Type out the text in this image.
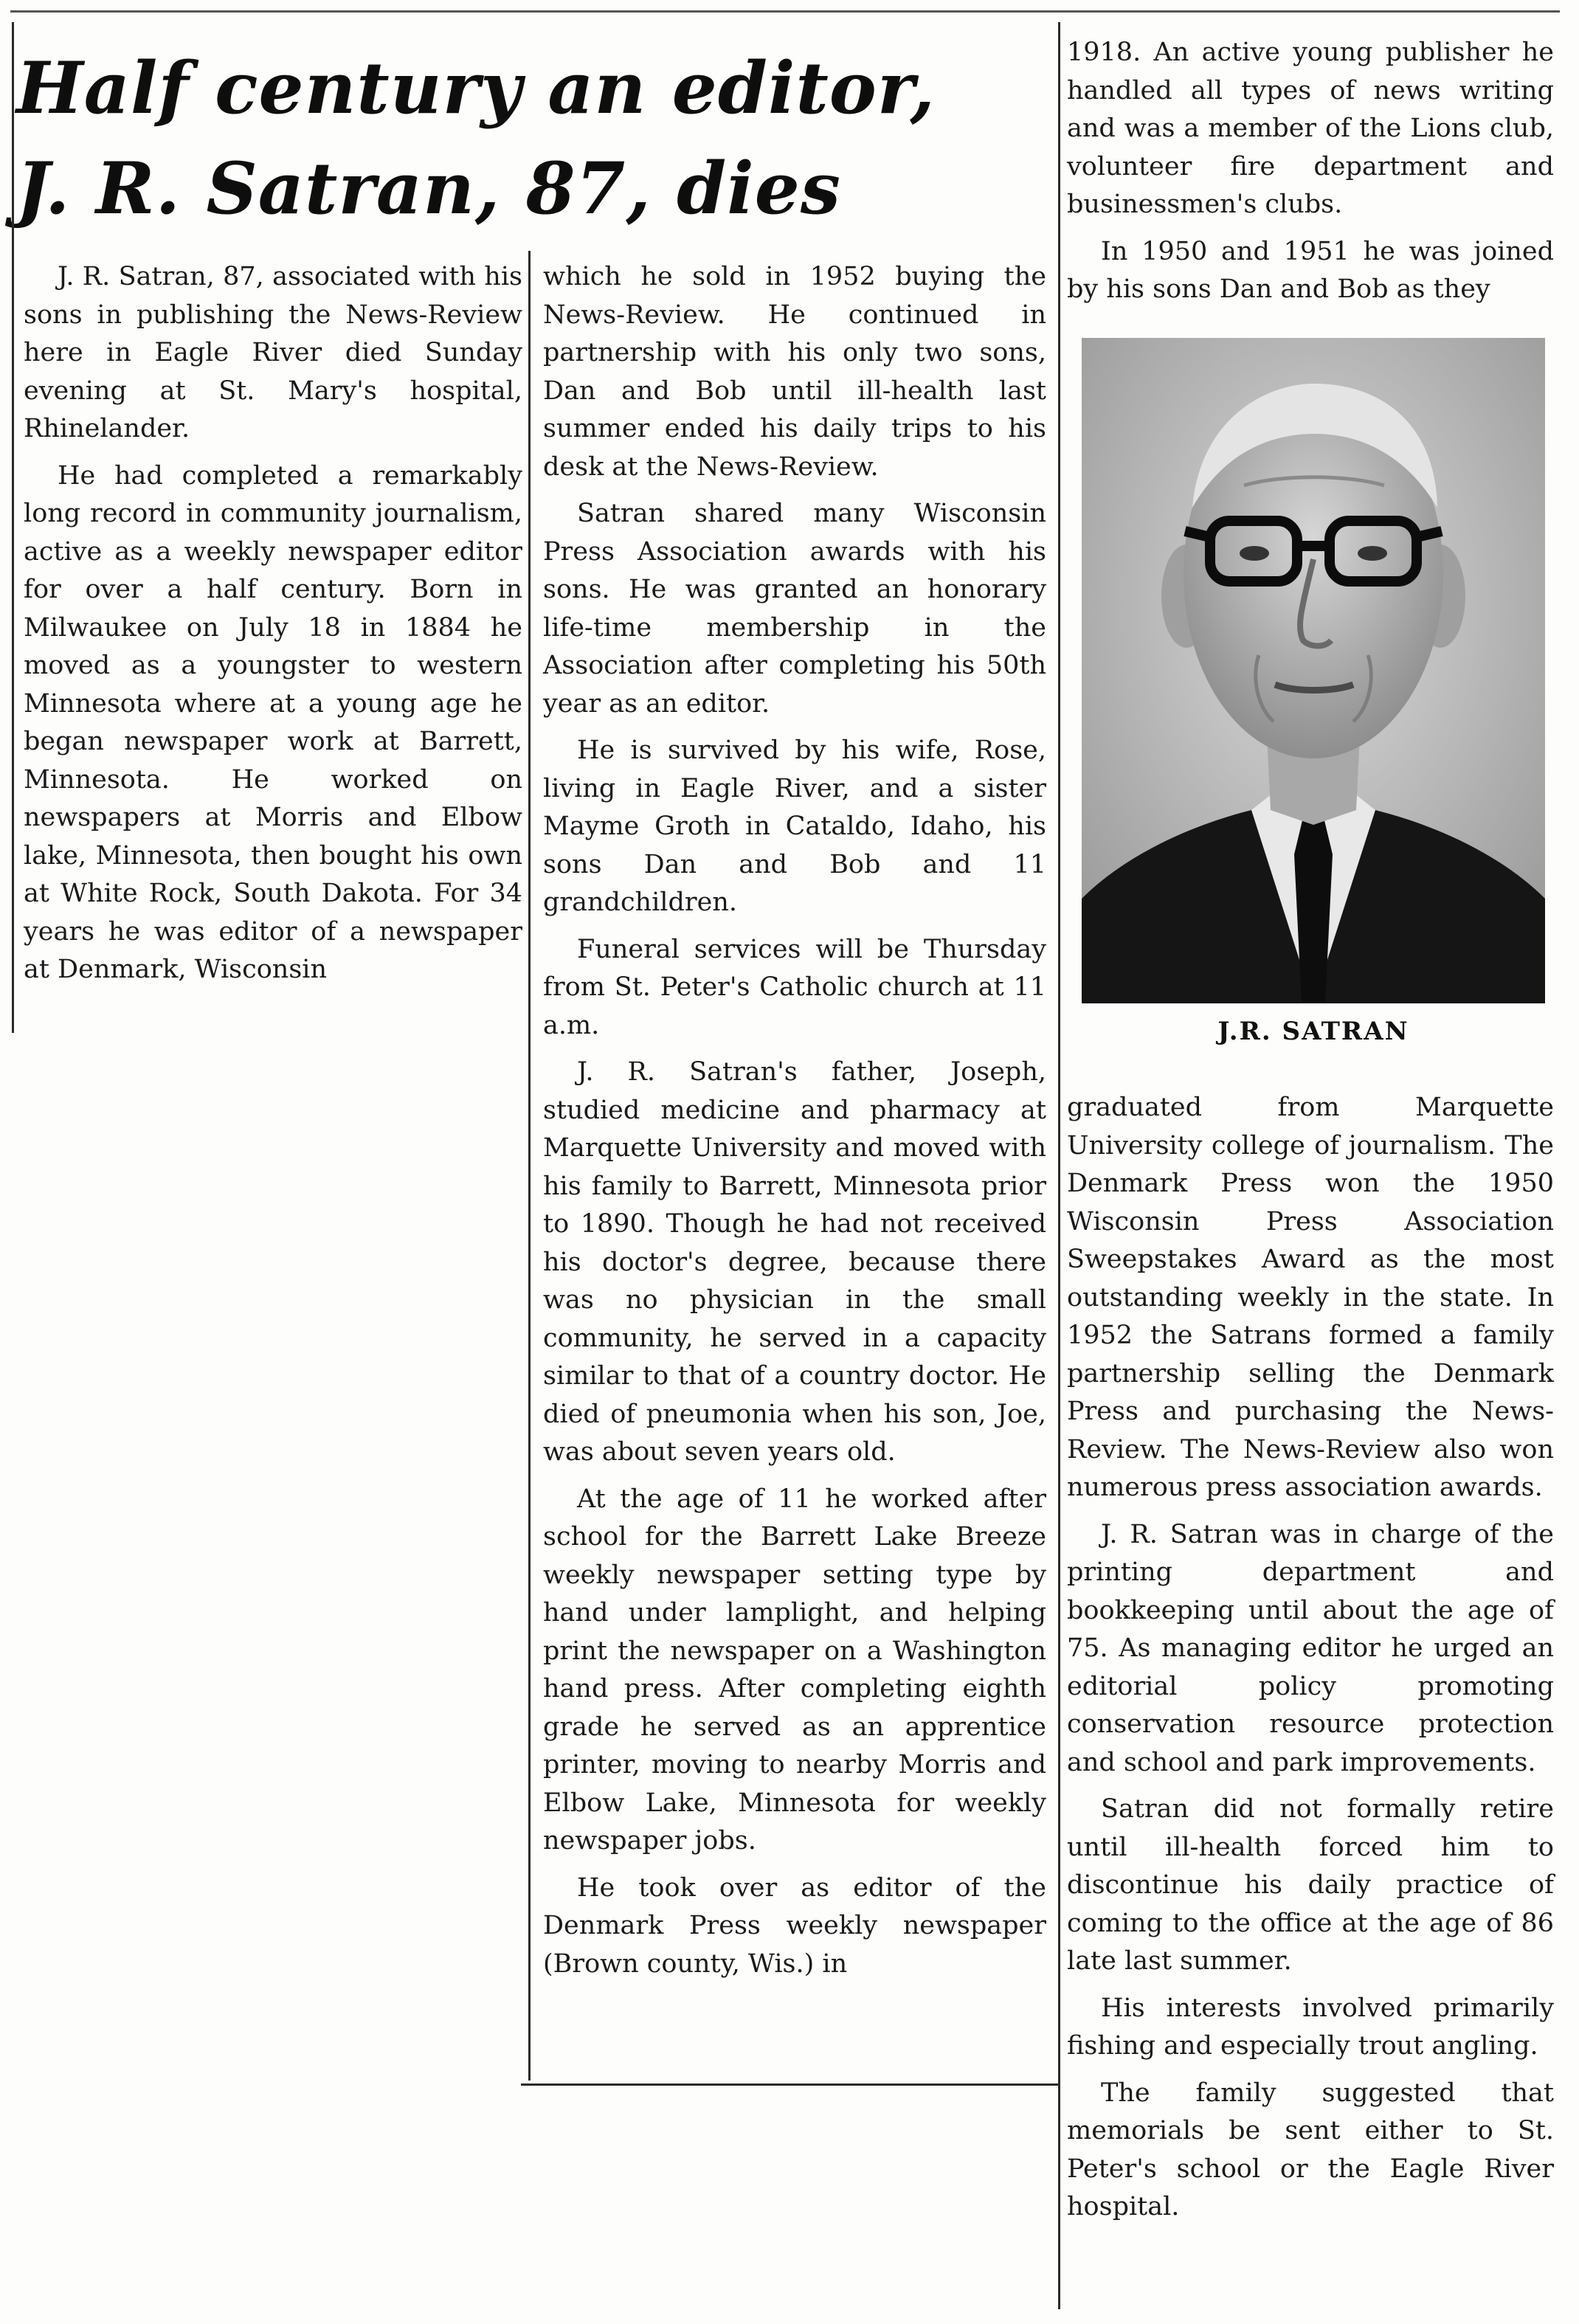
Half century an editor,
J. R. Satran, 87, dies

J. R. Satran, 87, associated with his sons in publishing the News-Review here in Eagle River died Sunday evening at St. Mary's hospital, Rhinelander.

He had completed a remarkably long record in community journalism, active as a weekly newspaper editor for over a half century. Born in Milwaukee on July 18 in 1884 he moved as a youngster to western Minnesota where at a young age he began newspaper work at Barrett, Minnesota. He worked on newspapers at Morris and Elbow lake, Minnesota, then bought his own at White Rock, South Dakota. For 34 years he was editor of a newspaper at Denmark, Wisconsin

which he sold in 1952 buying the News-Review. He continued in partnership with his only two sons, Dan and Bob until ill-health last summer ended his daily trips to his desk at the News-Review.

Satran shared many Wisconsin Press Association awards with his sons. He was granted an honorary life-time membership in the Association after completing his 50th year as an editor.

He is survived by his wife, Rose, living in Eagle River, and a sister Mayme Groth in Cataldo, Idaho, his sons Dan and Bob and 11 grandchildren.

Funeral services will be Thursday from St. Peter's Catholic church at 11 a.m.

J. R. Satran's father, Joseph, studied medicine and pharmacy at Marquette University and moved with his family to Barrett, Minnesota prior to 1890. Though he had not received his doctor's degree, because there was no physician in the small community, he served in a capacity similar to that of a country doctor. He died of pneumonia when his son, Joe, was about seven years old.

At the age of 11 he worked after school for the Barrett Lake Breeze weekly newspaper setting type by hand under lamplight, and helping print the newspaper on a Washington hand press. After completing eighth grade he served as an apprentice printer, moving to nearby Morris and Elbow Lake, Minnesota for weekly newspaper jobs.

He took over as editor of the Denmark Press weekly newspaper (Brown county, Wis.) in

1918. An active young publisher he handled all types of news writing and was a member of the Lions club, volunteer fire department and businessmen's clubs.

In 1950 and 1951 he was joined by his sons Dan and Bob as they

J.R. SATRAN

graduated from Marquette University college of journalism. The Denmark Press won the 1950 Wisconsin Press Association Sweepstakes Award as the most outstanding weekly in the state. In 1952 the Satrans formed a family partnership selling the Denmark Press and purchasing the News-Review. The News-Review also won numerous press association awards.

J. R. Satran was in charge of the printing department and bookkeeping until about the age of 75. As managing editor he urged an editorial policy promoting conservation resource protection and school and park improvements.

Satran did not formally retire until ill-health forced him to discontinue his daily practice of coming to the office at the age of 86 late last summer.

His interests involved primarily fishing and especially trout angling.

The family suggested that memorials be sent either to St. Peter's school or the Eagle River hospital.
